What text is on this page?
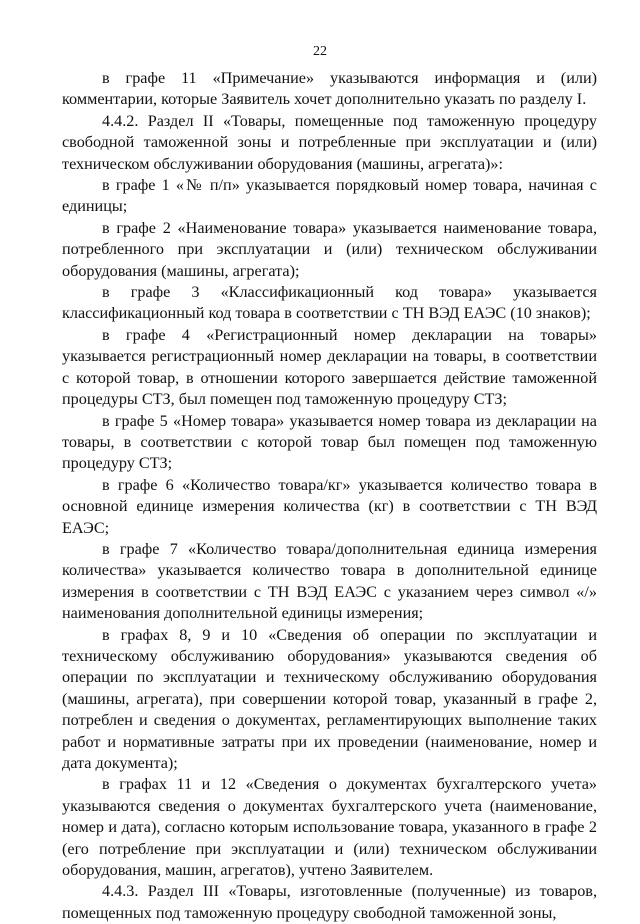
22

в графе 11 «Примечание» указываются информация и (или) комментарии, которые Заявитель хочет дополнительно указать по разделу I.

4.4.2. Раздел II «Товары, помещенные под таможенную процедуру свободной таможенной зоны и потребленные при эксплуатации и (или) техническом обслуживании оборудования (машины, агрегата)»:

в графе 1 «№ п/п» указывается порядковый номер товара, начиная с единицы;

в графе 2 «Наименование товара» указывается наименование товара, потребленного при эксплуатации и (или) техническом обслуживании оборудования (машины, агрегата);

в графе 3 «Классификационный код товара» указывается классификационный код товара в соответствии с ТН ВЭД ЕАЭС (10 знаков);

в графе 4 «Регистрационный номер декларации на товары» указывается регистрационный номер декларации на товары, в соответствии с которой товар, в отношении которого завершается действие таможенной процедуры СТЗ, был помещен под таможенную процедуру СТЗ;

в графе 5 «Номер товара» указывается номер товара из декларации на товары, в соответствии с которой товар был помещен под таможенную процедуру СТЗ;

в графе 6 «Количество товара/кг» указывается количество товара в основной единице измерения количества (кг) в соответствии с ТН ВЭД ЕАЭС;

в графе 7 «Количество товара/дополнительная единица измерения количества» указывается количество товара в дополнительной единице измерения в соответствии с ТН ВЭД ЕАЭС с указанием через символ «/» наименования дополнительной единицы измерения;

в графах 8, 9 и 10 «Сведения об операции по эксплуатации и техническому обслуживанию оборудования» указываются сведения об операции по эксплуатации и техническому обслуживанию оборудования (машины, агрегата), при совершении которой товар, указанный в графе 2, потреблен и сведения о документах, регламентирующих выполнение таких работ и нормативные затраты при их проведении (наименование, номер и дата документа);

в графах 11 и 12 «Сведения о документах бухгалтерского учета» указываются сведения о документах бухгалтерского учета (наименование, номер и дата), согласно которым использование товара, указанного в графе 2 (его потребление при эксплуатации и (или) техническом обслуживании оборудования, машин, агрегатов), учтено Заявителем.

4.4.3. Раздел III «Товары, изготовленные (полученные) из товаров, помещенных под таможенную процедуру свободной таможенной зоны,
